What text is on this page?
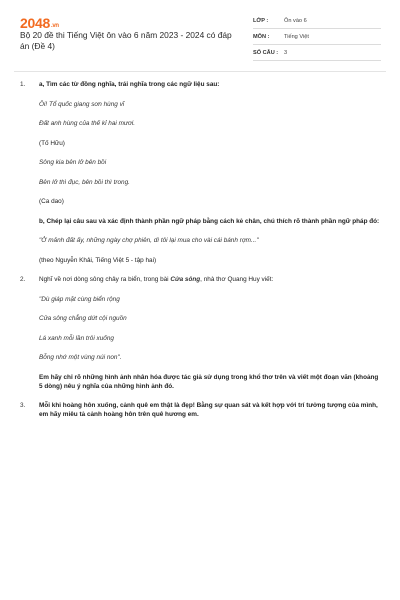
2048.vn
Bộ 20 đề thi Tiếng Việt ôn vào 6 năm 2023 - 2024 có đáp án (Đề 4)
LỚP :	Ôn vào 6
MÔN :	Tiếng Việt
SỐ CÂU : 3
1. a, Tìm các từ đồng nghĩa, trái nghĩa trong các ngữ liệu sau:

Ôi! Tổ quốc giang sơn hùng vĩ

Đất anh hùng của thế kỉ hai mươi.

(Tố Hữu)

Sông kia bên lở bên bồi

Bên lở thì đục, bên bồi thì trong.

(Ca dao)

b, Chép lại câu sau và xác định thành phần ngữ pháp bằng cách kẻ chân, chú thích rõ thành phần ngữ pháp đó:

"Ở mảnh đất ấy, những ngày chợ phiên, dì tôi lại mua cho vài cái bánh rợm..."

(theo Nguyễn Khải, Tiếng Việt 5 - tập hai)

2. Nghĩ về nơi dòng sông chảy ra biển, trong bài Cửa sông, nhà thơ Quang Huy viết:

"Dù giáp mặt cùng biển rộng

Cửa sông chẳng dứt cội nguồn

Lá xanh mỗi lần trôi xuống

Bỗng nhớ một vùng núi non".

Em hãy chỉ rõ những hình ảnh nhân hóa được tác giả sử dụng trong khổ thơ trên và viết một đoạn văn (khoảng 5 dòng) nêu ý nghĩa của những hình ảnh đó.

3. Mỗi khi hoàng hôn xuống, cảnh quê em thật là đẹp! Bằng sự quan sát và kết hợp với trí tưởng tượng của mình, em hãy miêu tả cảnh hoàng hôn trên quê hương em.
